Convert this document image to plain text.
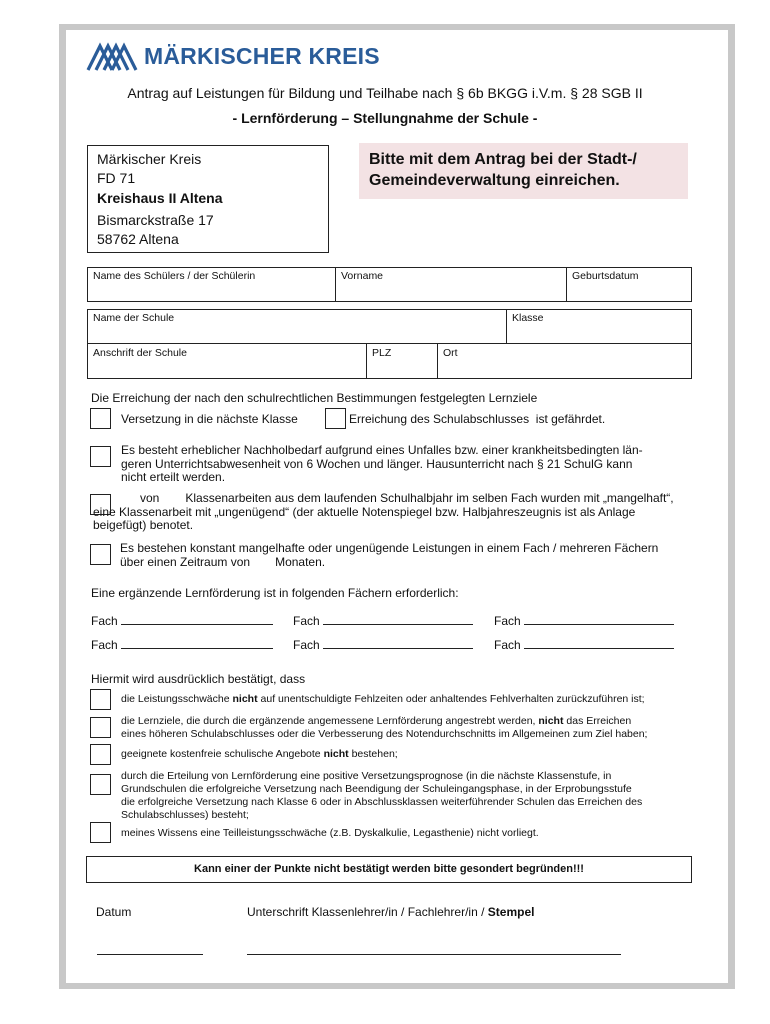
MÄRKISCHER KREIS
Antrag auf Leistungen für Bildung und Teilhabe nach § 6b BKGG i.V.m. § 28 SGB II
- Lernförderung – Stellungnahme der Schule -
Märkischer Kreis
FD 71
Kreishaus II Altena
Bismarckstraße 17
58762 Altena
Bitte mit dem Antrag bei der Stadt-/
Gemeindeverwaltung einreichen.
Name des Schülers / der Schülerin	Vorname	Geburtsdatum
Name der Schule	Klasse
Anschrift der Schule	PLZ	Ort
Die Erreichung der nach den schulrechtlichen Bestimmungen festgelegten Lernziele
Versetzung in die nächste Klasse	Erreichung des Schulabschlusses ist gefährdet.
Es besteht erheblicher Nachholbedarf aufgrund eines Unfalles bzw. einer krankheitsbedingten län-
geren Unterrichtsabwesenheit von 6 Wochen und länger. Hausunterricht nach § 21 SchulG kann
nicht erteilt werden.
von Klassenarbeiten aus dem laufenden Schulhalbjahr im selben Fach wurden mit „mangelhaft“,
eine Klassenarbeit mit „ungenügend“ (der aktuelle Notenspiegel bzw. Halbjahreszeugnis ist als Anlage
beigefügt) benotet.
Es bestehen konstant mangelhafte oder ungenügende Leistungen in einem Fach / mehreren Fächern
über einen Zeitraum von Monaten.
Eine ergänzende Lernförderung ist in folgenden Fächern erforderlich:
Fach	Fach	Fach
Fach	Fach	Fach
Hiermit wird ausdrücklich bestätigt, dass
die Leistungsschwäche nicht auf unentschuldigte Fehlzeiten oder anhaltendes Fehlverhalten zurückzuführen ist;
die Lernziele, die durch die ergänzende angemessene Lernförderung angestrebt werden, nicht das Erreichen
eines höheren Schulabschlusses oder die Verbesserung des Notendurchschnitts im Allgemeinen zum Ziel haben;
geeignete kostenfreie schulische Angebote nicht bestehen;
durch die Erteilung von Lernförderung eine positive Versetzungsprognose (in die nächste Klassenstufe, in
Grundschulen die erfolgreiche Versetzung nach Beendigung der Schuleingangsphase, in der Erprobungsstufe
die erfolgreiche Versetzung nach Klasse 6 oder in Abschlussklassen weiterführender Schulen das Erreichen des
Schulabschlusses) besteht;
meines Wissens eine Teilleistungsschwäche (z.B. Dyskalkulie, Legasthenie) nicht vorliegt.
Kann einer der Punkte nicht bestätigt werden bitte gesondert begründen!!!
Datum	Unterschrift Klassenlehrer/in / Fachlehrer/in / Stempel
